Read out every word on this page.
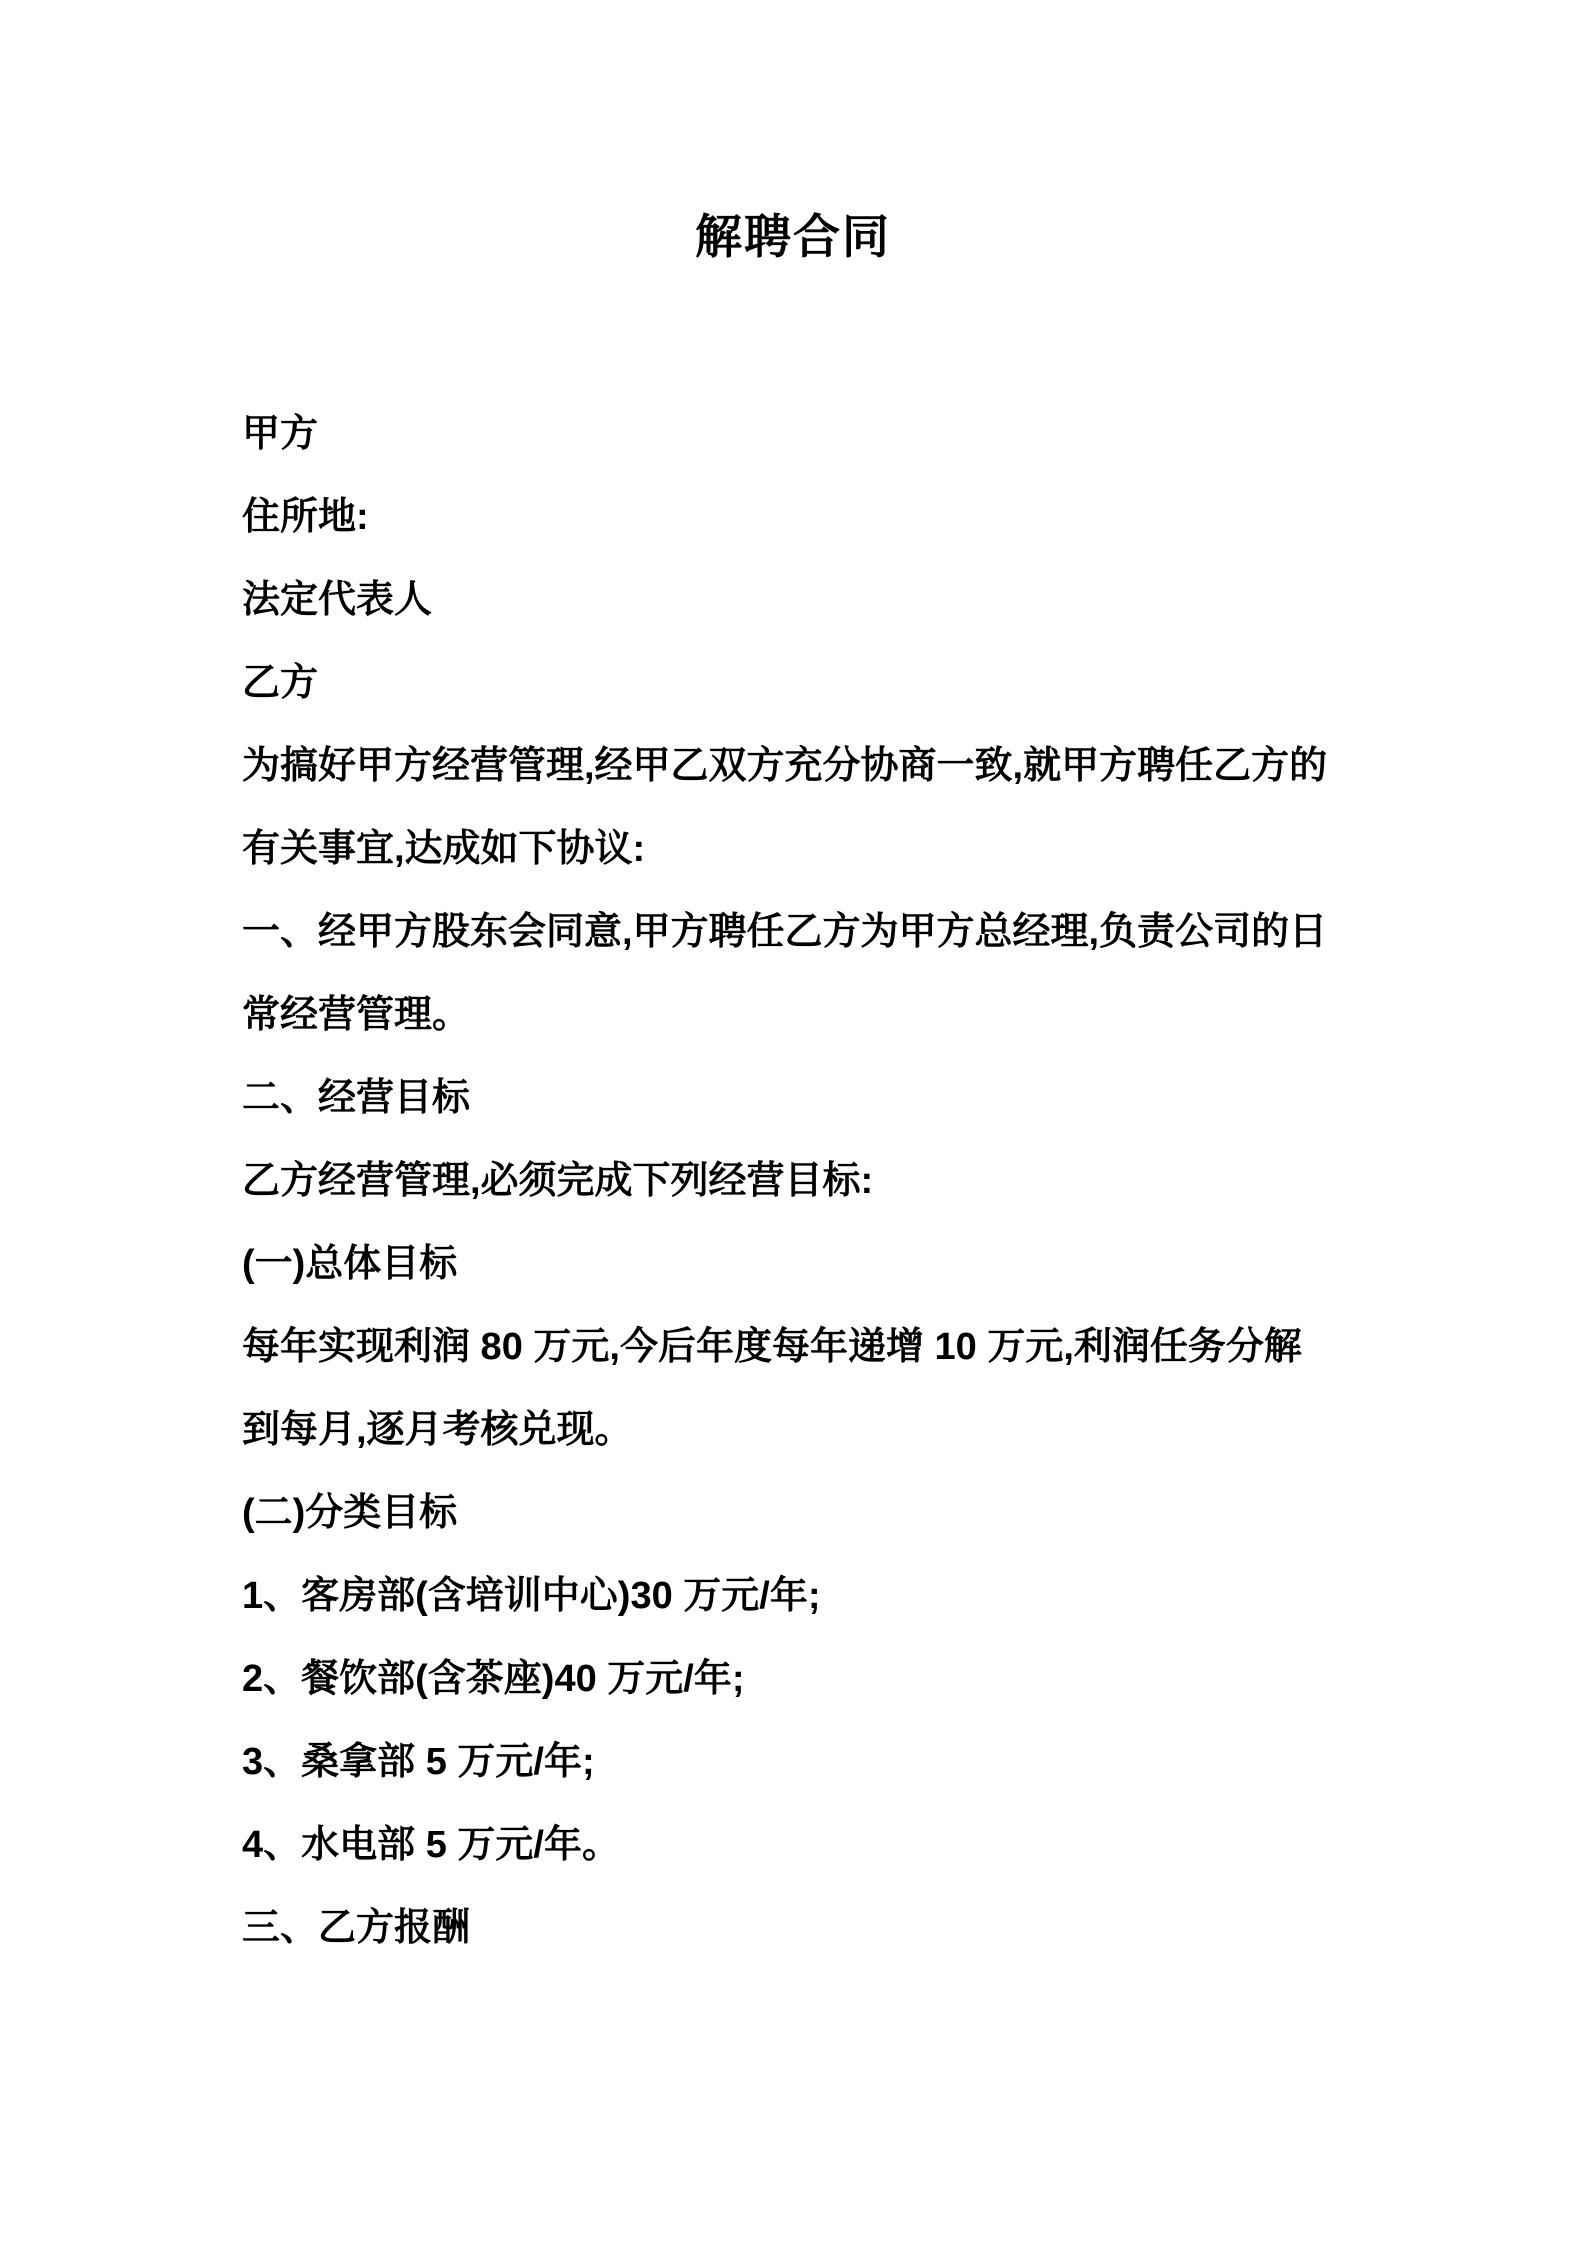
解聘合同
甲方
住所地:
法定代表人
乙方
为搞好甲方经营管理,经甲乙双方充分协商一致,就甲方聘任乙方的
有关事宜,达成如下协议:
一、经甲方股东会同意,甲方聘任乙方为甲方总经理,负责公司的日
常经营管理。
二、经营目标
乙方经营管理,必须完成下列经营目标:
(一)总体目标
每年实现利润 80 万元,今后年度每年递增 10 万元,利润任务分解
到每月,逐月考核兑现。
(二)分类目标
1、客房部(含培训中心)30 万元/年;
2、餐饮部(含茶座)40 万元/年;
3、桑拿部 5 万元/年;
4、水电部 5 万元/年。
三、乙方报酬
